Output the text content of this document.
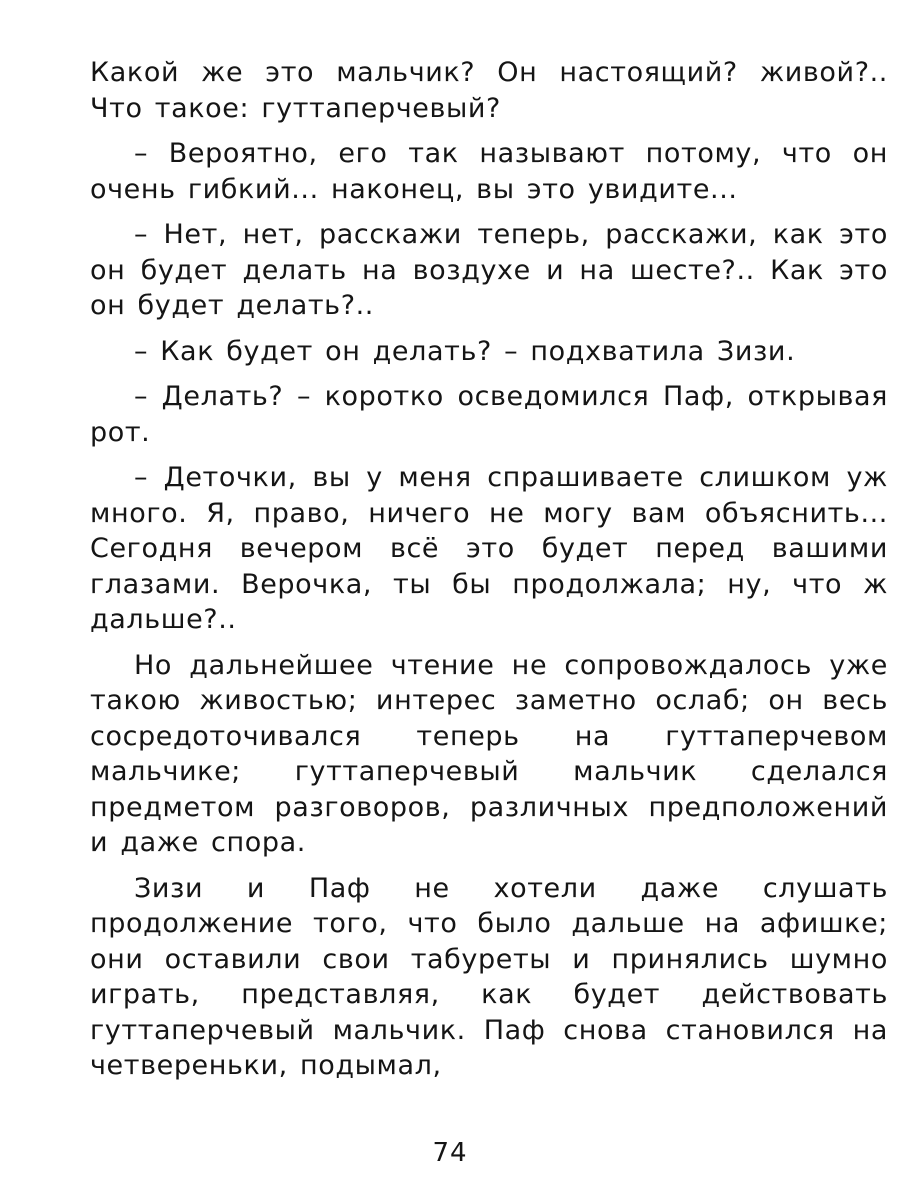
Какой же это мальчик? Он настоящий? живой?.. Что такое: гуттаперчевый?

– Вероятно, его так называют потому, что он очень гибкий... наконец, вы это увидите...

– Нет, нет, расскажи теперь, расскажи, как это он будет делать на воздухе и на шесте?.. Как это он будет делать?..

– Как будет он делать? – подхватила Зизи.

– Делать? – коротко осведомился Паф, открывая рот.

– Деточки, вы у меня спрашиваете слишком уж много. Я, право, ничего не могу вам объяснить... Сегодня вечером всё это будет перед вашими глазами. Верочка, ты бы продолжала; ну, что ж дальше?..

Но дальнейшее чтение не сопровождалось уже такою живостью; интерес заметно ослаб; он весь сосредоточивался теперь на гуттаперчевом мальчике; гуттаперчевый мальчик сделался предметом разговоров, различных предположений и даже спора.

Зизи и Паф не хотели даже слушать продолжение того, что было дальше на афишке; они оставили свои табуреты и принялись шумно играть, представляя, как будет действовать гуттаперчевый мальчик. Паф снова становился на четвереньки, подымал,

74
